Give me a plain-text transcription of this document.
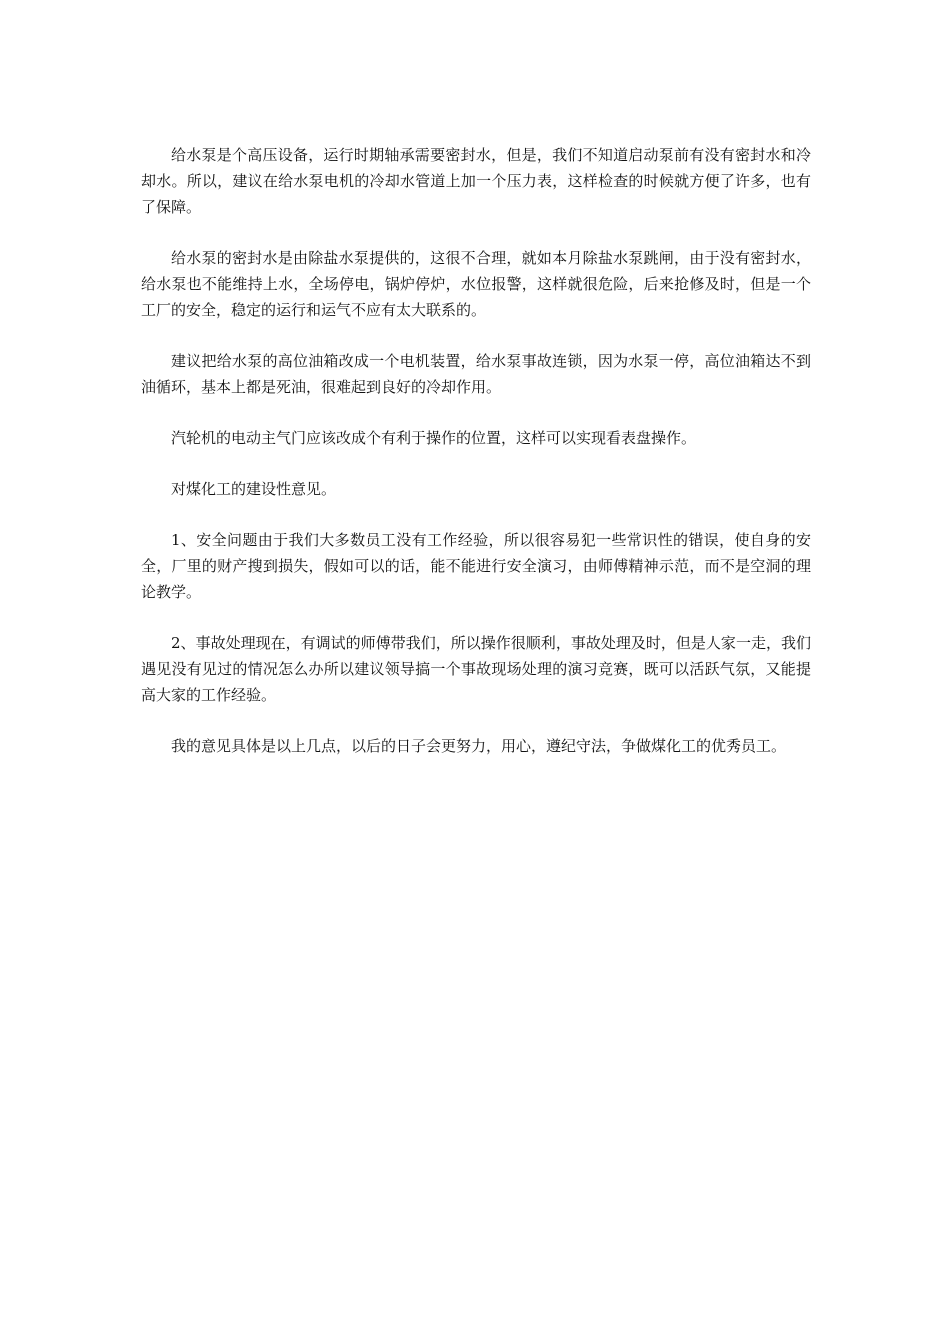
给水泵是个高压设备，运行时期轴承需要密封水，但是，我们不知道启动泵前有没有密封水和冷却水。所以，建议在给水泵电机的冷却水管道上加一个压力表，这样检查的时候就方便了许多，也有了保障。

给水泵的密封水是由除盐水泵提供的，这很不合理，就如本月除盐水泵跳闸，由于没有密封水，给水泵也不能维持上水，全场停电，锅炉停炉，水位报警，这样就很危险，后来抢修及时，但是一个工厂的安全，稳定的运行和运气不应有太大联系的。

建议把给水泵的高位油箱改成一个电机装置，给水泵事故连锁，因为水泵一停，高位油箱达不到油循环，基本上都是死油，很难起到良好的冷却作用。

汽轮机的电动主气门应该改成个有利于操作的位置，这样可以实现看表盘操作。

对煤化工的建设性意见。

1、安全问题由于我们大多数员工没有工作经验，所以很容易犯一些常识性的错误，使自身的安全，厂里的财产搜到损失，假如可以的话，能不能进行安全演习，由师傅精神示范，而不是空洞的理论教学。

2、事故处理现在，有调试的师傅带我们，所以操作很顺利，事故处理及时，但是人家一走，我们遇见没有见过的情况怎么办所以建议领导搞一个事故现场处理的演习竞赛，既可以活跃气氛，又能提高大家的工作经验。

我的意见具体是以上几点，以后的日子会更努力，用心，遵纪守法，争做煤化工的优秀员工。
